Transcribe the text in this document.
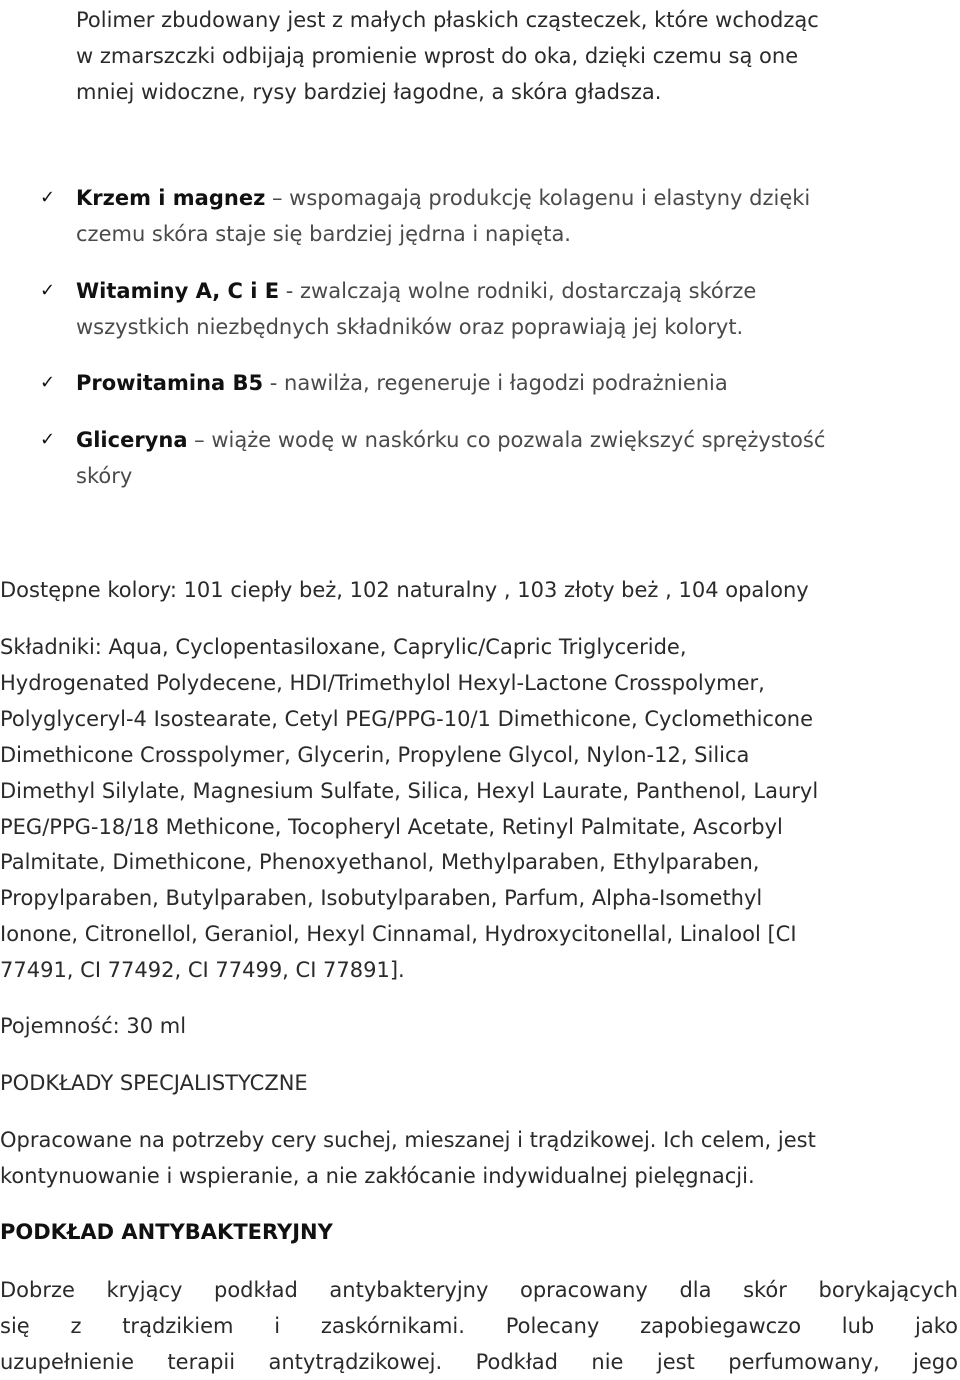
Polimer zbudowany jest z małych płaskich cząsteczek, które wchodząc
w zmarszczki odbijają promienie wprost do oka, dzięki czemu są one
mniej widoczne, rysy bardziej łagodne, a skóra gładsza.
✓ Krzem i magnez – wspomagają produkcję kolagenu i elastyny dzięki
czemu skóra staje się bardziej jędrna i napięta.
✓ Witaminy A, C i E - zwalczają wolne rodniki, dostarczają skórze
wszystkich niezbędnych składników oraz poprawiają jej koloryt.
✓ Prowitamina B5 - nawilża, regeneruje i łagodzi podrażnienia
✓ Gliceryna – wiąże wodę w naskórku co pozwala zwiększyć sprężystość
skóry
Dostępne kolory: 101 ciepły beż, 102 naturalny , 103 złoty beż , 104 opalony
Składniki: Aqua, Cyclopentasiloxane, Caprylic/Capric Triglyceride,
Hydrogenated Polydecene, HDI/Trimethylol Hexyl-Lactone Crosspolymer,
Polyglyceryl-4 Isostearate, Cetyl PEG/PPG-10/1 Dimethicone, Cyclomethicone
Dimethicone Crosspolymer, Glycerin, Propylene Glycol, Nylon-12, Silica
Dimethyl Silylate, Magnesium Sulfate, Silica, Hexyl Laurate, Panthenol, Lauryl
PEG/PPG-18/18 Methicone, Tocopheryl Acetate, Retinyl Palmitate, Ascorbyl
Palmitate, Dimethicone, Phenoxyethanol, Methylparaben, Ethylparaben,
Propylparaben, Butylparaben, Isobutylparaben, Parfum, Alpha-Isomethyl
Ionone, Citronellol, Geraniol, Hexyl Cinnamal, Hydroxycitonellal, Linalool [CI
77491, CI 77492, CI 77499, CI 77891].
Pojemność: 30 ml
PODKŁADY SPECJALISTYCZNE
Opracowane na potrzeby cery suchej, mieszanej i trądzikowej. Ich celem, jest
kontynuowanie i wspieranie, a nie zakłócanie indywidualnej pielęgnacji.
PODKŁAD ANTYBAKTERYJNY
Dobrze kryjący podkład antybakteryjny opracowany dla skór borykających
się z trądzikiem i zaskórnikami. Polecany zapobiegawczo lub jako
uzupełnienie terapii antytrądzikowej. Podkład nie jest perfumowany, jego
